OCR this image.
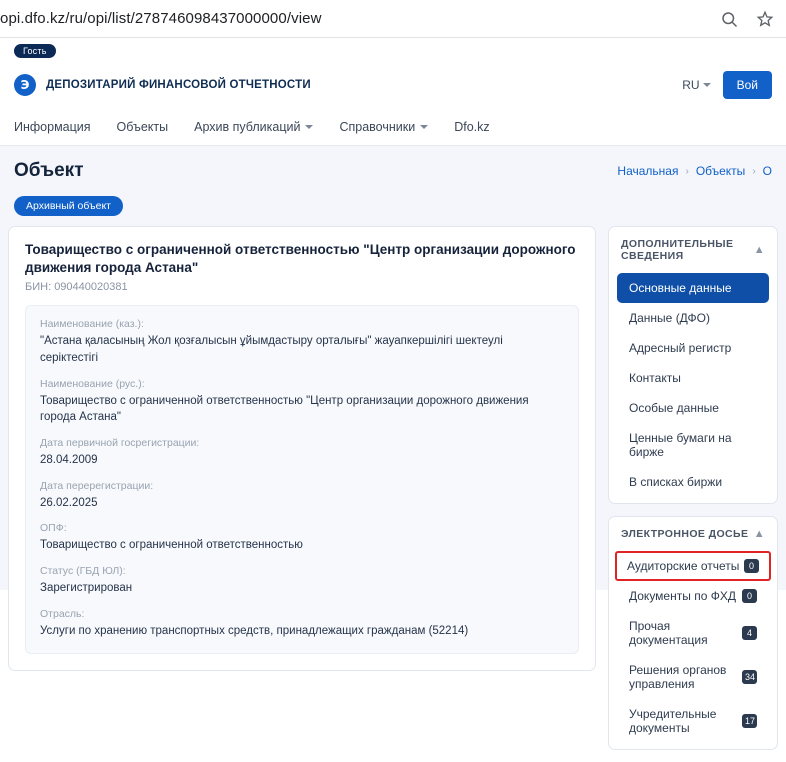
opi.dfo.kz/ru/opi/list/278746098437000000/view
Гость
Э	ДЕПОЗИТАРИЙ ФИНАНСОВОЙ ОТЧЕТНОСТИ	RU	Вой
Информация Объекты Архив публикаций	Справочники	Dfo.kz
Объект	Начальная › Объекты › О
Архивный объект
Товарищество с ограниченной ответственностью "Центр организации дорожного движения города Астана"
БИН: 090440020381
Наименование (каз.):
"Астана қаласының Жол қозғалысын ұйымдастыру орталығы" жауапкершілігі шектеулі серіктестігі
Наименование (рус.):
Товарищество с ограниченной ответственностью "Центр организации дорожного движения города Астана"
Дата первичной госрегистрации:
28.04.2009
Дата перерегистрации:
26.02.2025
ОПФ:
Товарищество с ограниченной ответственностью
Статус (ГБД ЮЛ):
Зарегистрирован
Отрасль:
Услуги по хранению транспортных средств, принадлежащих гражданам (52214)
ДОПОЛНИТЕЛЬНЫЕ СВЕДЕНИЯ	▲
Основные данные
Данные (ДФО)
Адресный регистр
Контакты
Особые данные
Ценные бумаги на бирже
В списках биржи
ЭЛЕКТРОННОЕ ДОСЬЕ ▲
Аудиторские отчеты	0
Документы по ФХД	0
Прочая документация	4
Решения органов управления	34
Учредительные документы	17
